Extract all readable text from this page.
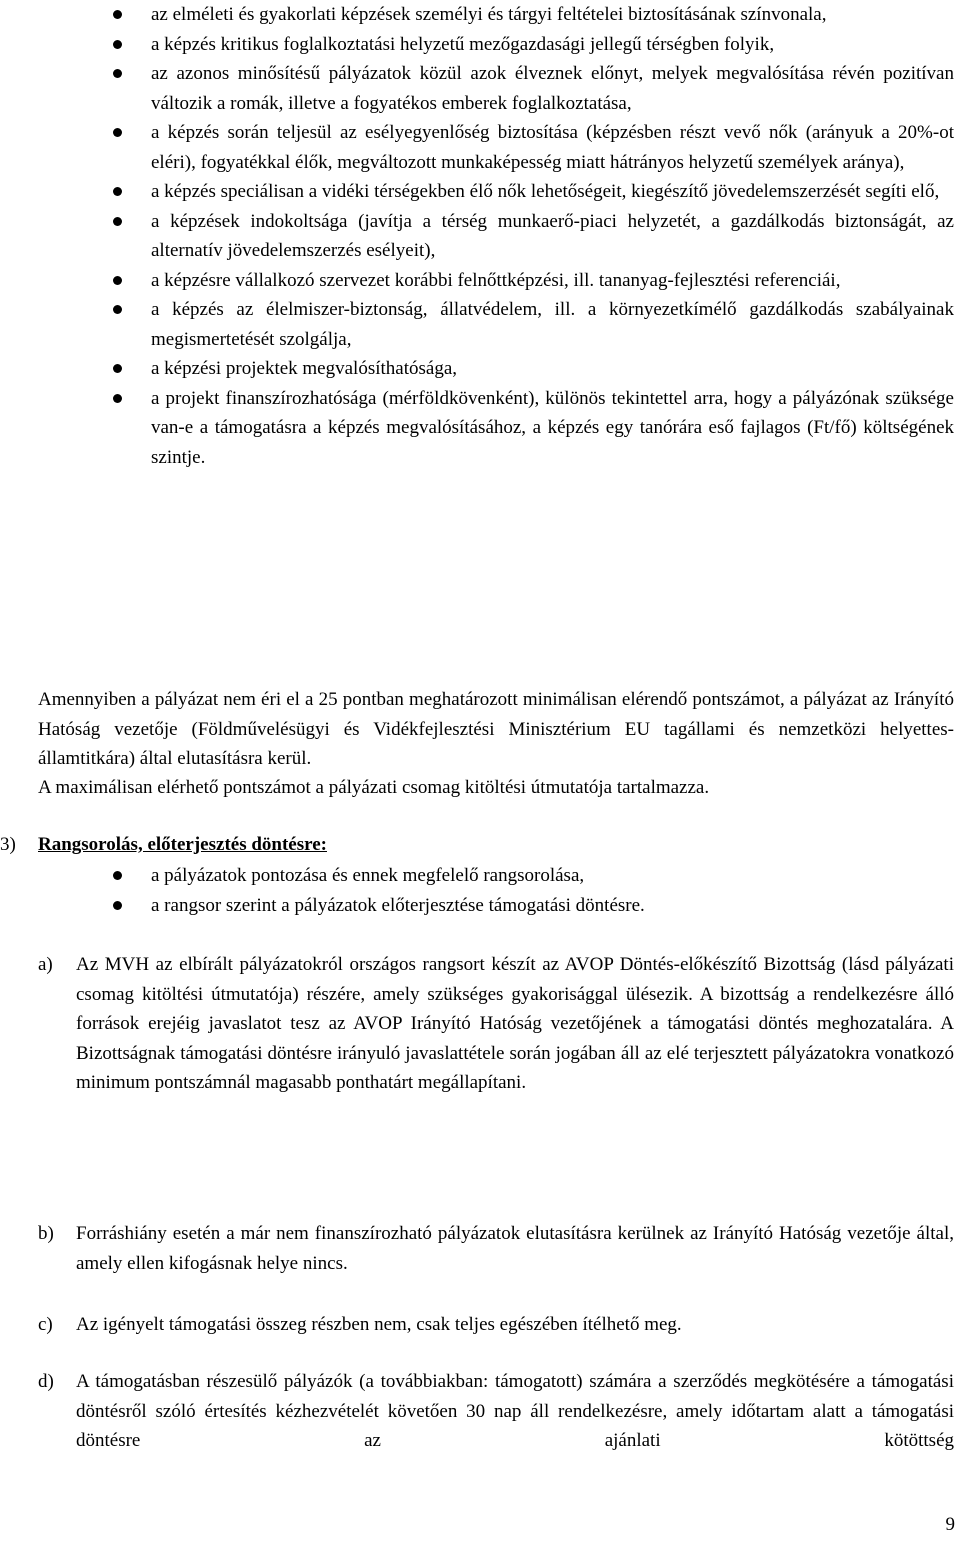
az elméleti és gyakorlati képzések személyi és tárgyi feltételei biztosításának színvonala,
a képzés kritikus foglalkoztatási helyzetű mezőgazdasági jellegű térségben folyik,
az azonos minősítésű pályázatok közül azok élveznek előnyt, melyek megvalósítása révén pozitívan változik a romák, illetve a fogyatékos emberek foglalkoztatása,
a képzés során teljesül az esélyegyenlőség biztosítása (képzésben részt vevő nők (arányuk a 20%-ot eléri), fogyatékkal élők, megváltozott munkaképesség miatt hátrányos helyzetű személyek aránya),
a képzés speciálisan a vidéki térségekben élő nők lehetőségeit, kiegészítő jövedelemszerzését segíti elő,
a képzések indokoltsága (javítja a térség munkaerő-piaci helyzetét, a gazdálkodás biztonságát, az alternatív jövedelemszerzés esélyeit),
a képzésre vállalkozó szervezet korábbi felnőttképzési, ill. tananyag-fejlesztési referenciái,
a képzés az élelmiszer-biztonság, állatvédelem, ill. a környezetkímélő gazdálkodás szabályainak megismertetését szolgálja,
a képzési projektek megvalósíthatósága,
a projekt finanszírozhatósága (mérföldkövenként), különös tekintettel arra, hogy a pályázónak szüksége van-e a támogatásra a képzés megvalósításához, a képzés egy tanórára eső fajlagos (Ft/fő) költségének szintje.

Amennyiben a pályázat nem éri el a 25 pontban meghatározott minimálisan elérendő pontszámot, a pályázat az Irányító Hatóság vezetője (Földművelésügyi és Vidékfejlesztési Minisztérium EU tagállami és nemzetközi helyettes-államtitkára) által elutasításra kerül.

A maximálisan elérhető pontszámot a pályázati csomag kitöltési útmutatója tartalmazza.

3) Rangsorolás, előterjesztés döntésre:
a pályázatok pontozása és ennek megfelelő rangsorolása,
a rangsor szerint a pályázatok előterjesztése támogatási döntésre.
a) Az MVH az elbírált pályázatokról országos rangsort készít az AVOP Döntés-előkészítő Bizottság (lásd pályázati csomag kitöltési útmutatója) részére, amely szükséges gyakorisággal ülésezik. A bizottság a rendelkezésre álló források erejéig javaslatot tesz az AVOP Irányító Hatóság vezetőjének a támogatási döntés meghozatalára. A Bizottságnak támogatási döntésre irányuló javaslattétele során jogában áll az elé terjesztett pályázatokra vonatkozó minimum pontszámnál magasabb ponthatárt megállapítani.

b) Forráshiány esetén a már nem finanszírozható pályázatok elutasításra kerülnek az Irányító Hatóság vezetője által, amely ellen kifogásnak helye nincs.

c) Az igényelt támogatási összeg részben nem, csak teljes egészében ítélhető meg.

d) A támogatásban részesülő pályázók (a továbbiakban: támogatott) számára a szerződés megkötésére a támogatási döntésről szóló értesítés kézhezvételét követően 30 nap áll rendelkezésre, amely időtartam alatt a támogatási döntésre az ajánlati kötöttség

9
